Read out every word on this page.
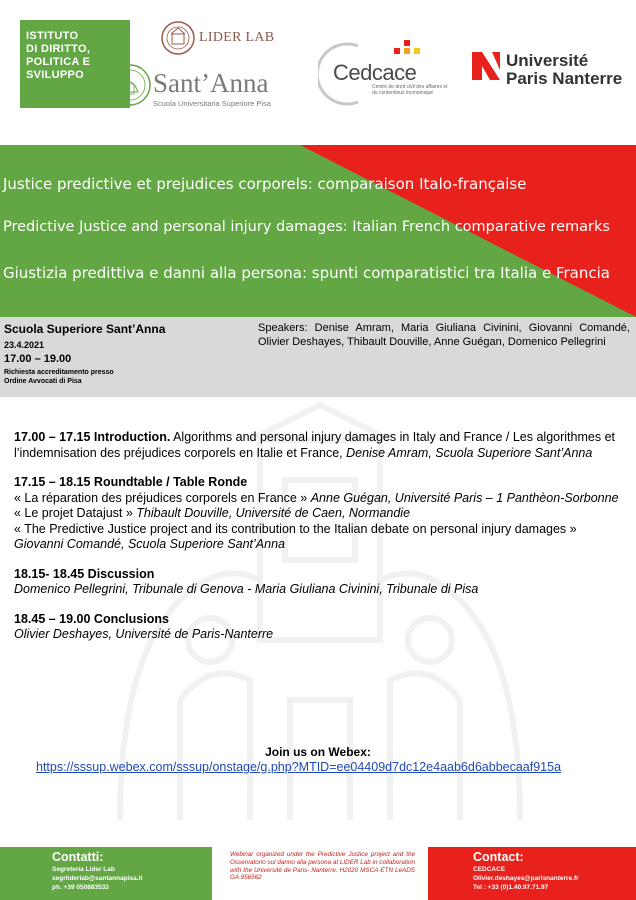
ISTITUTO
DI DIRITTO,
POLITICA E
SVILUPPO
LIDER LAB
Sant’Anna
Scuola Universitaria Superiore Pisa
Cedcace
Centre de droit civil des affaires et du contentieux économique
Université
Paris Nanterre
Justice predictive et prejudices corporels: comparaison Italo-française
Predictive Justice and personal injury damages: Italian French comparative remarks
Giustizia predittiva e danni alla persona: spunti comparatistici tra Italia e Francia
Scuola Superiore Sant’Anna
23.4.2021
17.00 – 19.00
Richiesta accreditamento presso
Ordine Avvocati di Pisa
Speakers: Denise Amram, Maria Giuliana Civinini, Giovanni Comandé, Olivier Deshayes, Thibault Douville, Anne Guégan, Domenico Pellegrini
17.00 – 17.15 Introduction. Algorithms and personal injury damages in Italy and France / Les algorithmes et l’indemnisation des préjudices corporels en Italie et France, Denise Amram, Scuola Superiore Sant’Anna
17.15 – 18.15 Roundtable / Table Ronde
« La réparation des préjudices corporels en France » Anne Guégan, Université Paris – 1 Panthèon-Sorbonne
« Le projet Datajust » Thibault Douville, Université de Caen, Normandie
« The Predictive Justice project and its contribution to the Italian debate on personal injury damages »
Giovanni Comandé, Scuola Superiore Sant’Anna
18.15- 18.45 Discussion
Domenico Pellegrini, Tribunale di Genova - Maria Giuliana Civinini, Tribunale di Pisa
18.45 – 19.00 Conclusions
Olivier Deshayes, Université de Paris-Nanterre
Join us on Webex:
https://sssup.webex.com/sssup/onstage/g.php?MTID=ee04409d7dc12e4aab6d6abbecaaf915a
Contatti:
Segreteria Lider Lab
segrliderlab@santannapisa.it
ph. +39 050883533
Webinar organized under the Predictive Justice project and the Osservatorio sul danno alla persona at LIDER Lab in collaboration with the Université de Paris- Nanterre. H2020 MSCA-ETN LeADS GA 956562
Contact:
CEDCACE
Olivier.deshayes@parisnanterre.fr
Tel : +33 (0)1.40.97.71.97
